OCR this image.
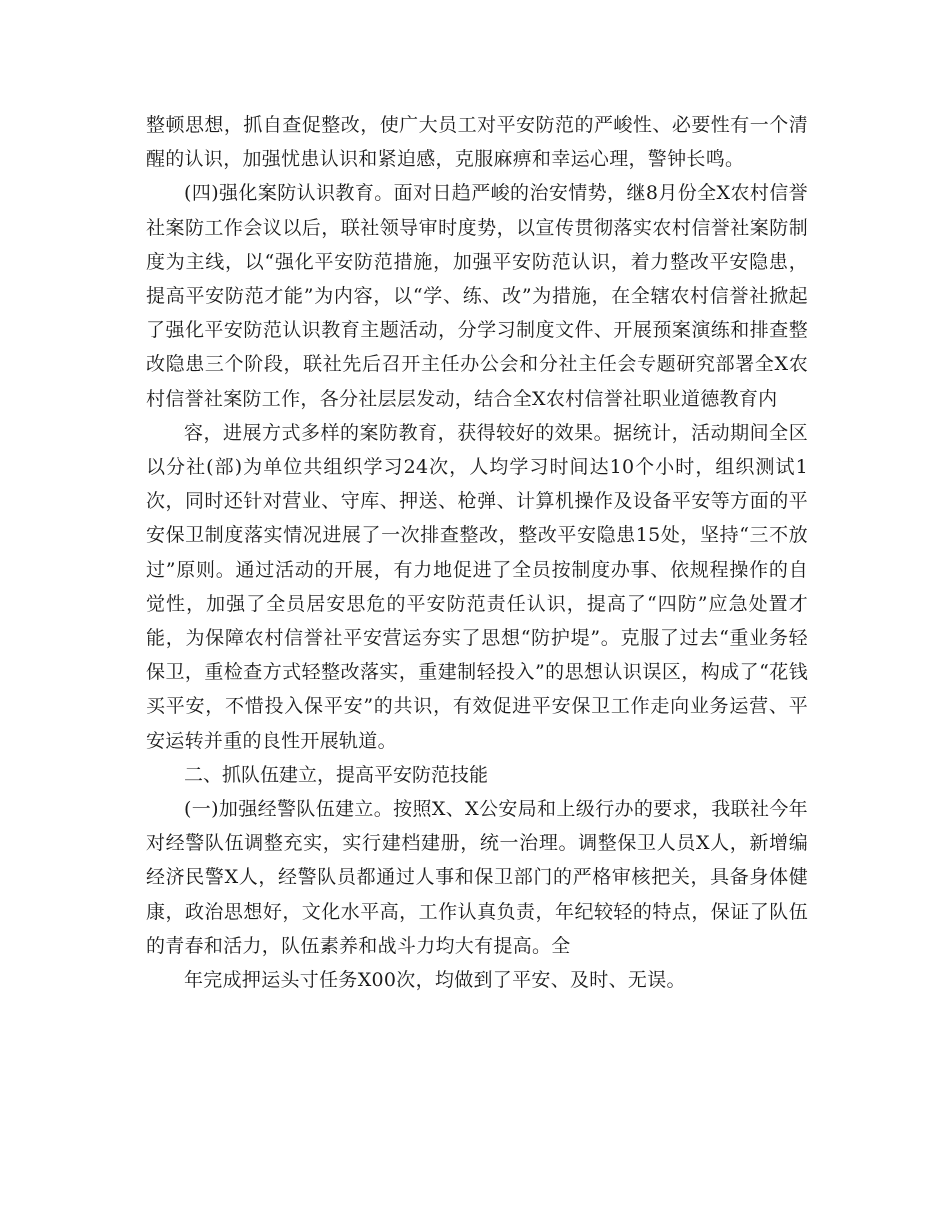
整顿思想，抓自查促整改，使广大员工对平安防范的严峻性、必要性有一个清醒的认识，加强忧患认识和紧迫感，克服麻痹和幸运心理，警钟长鸣。

(四)强化案防认识教育。面对日趋严峻的治安情势，继8月份全X农村信誉社案防工作会议以后，联社领导审时度势，以宣传贯彻落实农村信誉社案防制度为主线，以“强化平安防范措施，加强平安防范认识，着力整改平安隐患，提高平安防范才能”为内容，以“学、练、改”为措施，在全辖农村信誉社掀起了强化平安防范认识教育主题活动，分学习制度文件、开展预案演练和排查整改隐患三个阶段，联社先后召开主任办公会和分社主任会专题研究部署全X农村信誉社案防工作，各分社层层发动，结合全X农村信誉社职业道德教育内

容，进展方式多样的案防教育，获得较好的效果。据统计，活动期间全区以分社(部)为单位共组织学习24次，人均学习时间达10个小时，组织测试1次，同时还针对营业、守库、押送、枪弹、计算机操作及设备平安等方面的平安保卫制度落实情况进展了一次排查整改，整改平安隐患15处，坚持“三不放过”原则。通过活动的开展，有力地促进了全员按制度办事、依规程操作的自觉性，加强了全员居安思危的平安防范责任认识，提高了“四防”应急处置才能，为保障农村信誉社平安营运夯实了思想“防护堤”。克服了过去“重业务轻保卫，重检查方式轻整改落实，重建制轻投入”的思想认识误区，构成了“花钱买平安，不惜投入保平安”的共识，有效促进平安保卫工作走向业务运营、平安运转并重的良性开展轨道。

二、抓队伍建立，提高平安防范技能

(一)加强经警队伍建立。按照X、X公安局和上级行办的要求，我联社今年对经警队伍调整充实，实行建档建册，统一治理。调整保卫人员X人，新增编经济民警X人，经警队员都通过人事和保卫部门的严格审核把关，具备身体健康，政治思想好，文化水平高，工作认真负责，年纪较轻的特点，保证了队伍的青春和活力，队伍素养和战斗力均大有提高。全

年完成押运头寸任务X00次，均做到了平安、及时、无误。
